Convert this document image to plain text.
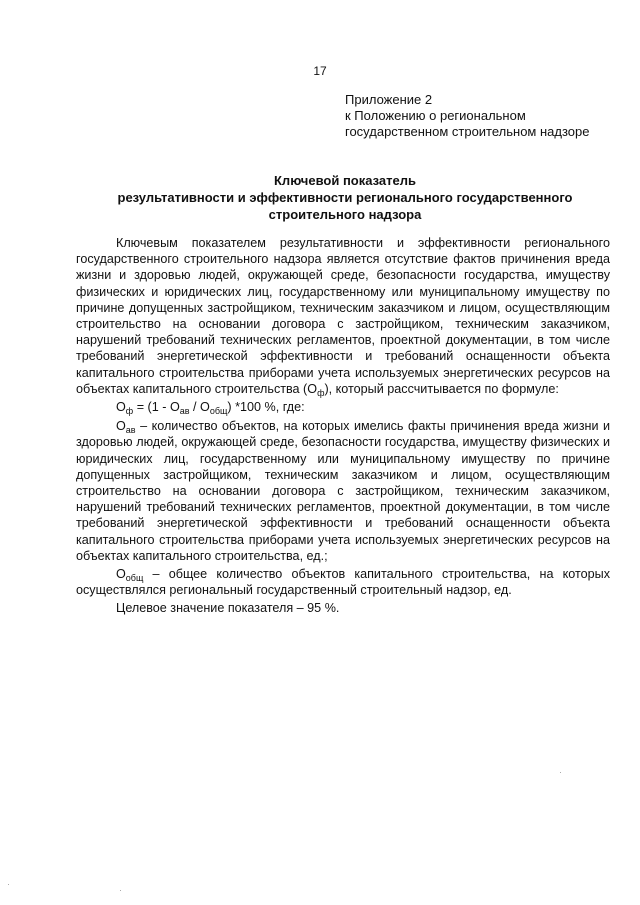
17
Приложение 2
к Положению о региональном
государственном строительном надзоре
Ключевой показатель
результативности и эффективности регионального государственного
строительного надзора

Ключевым показателем результативности и эффективности регионального государственного строительного надзора является отсутствие фактов причинения вреда жизни и здоровью людей, окружающей среде, безопасности государства, имуществу физических и юридических лиц, государственному или муниципальному имуществу по причине допущенных застройщиком, техническим заказчиком и лицом, осуществляющим строительство на основании договора с застройщиком, техническим заказчиком, нарушений требований технических регламентов, проектной документации, в том числе требований энергетической эффективности и требований оснащенности объекта капитального строительства приборами учета используемых энергетических ресурсов на объектах капитального строительства $(О_ф)$, который рассчитывается по формуле:

$О_ф = (1 - О_{ав} / О_{общ})$ *100 %, где:

$О_{ав}$ – количество объектов, на которых имелись факты причинения вреда жизни и здоровью людей, окружающей среде, безопасности государства, имуществу физических и юридических лиц, государственному или муниципальному имуществу по причине допущенных застройщиком, техническим заказчиком и лицом, осуществляющим строительство на основании договора с застройщиком, техническим заказчиком, нарушений требований технических регламентов, проектной документации, в том числе требований энергетической эффективности и требований оснащенности объекта капитального строительства приборами учета используемых энергетических ресурсов на объектах капитального строительства, ед.;

$О_{общ}$ – общее количество объектов капитального строительства, на которых осуществлялся региональный государственный строительный надзор, ед.

Целевое значение показателя – 95 %.
